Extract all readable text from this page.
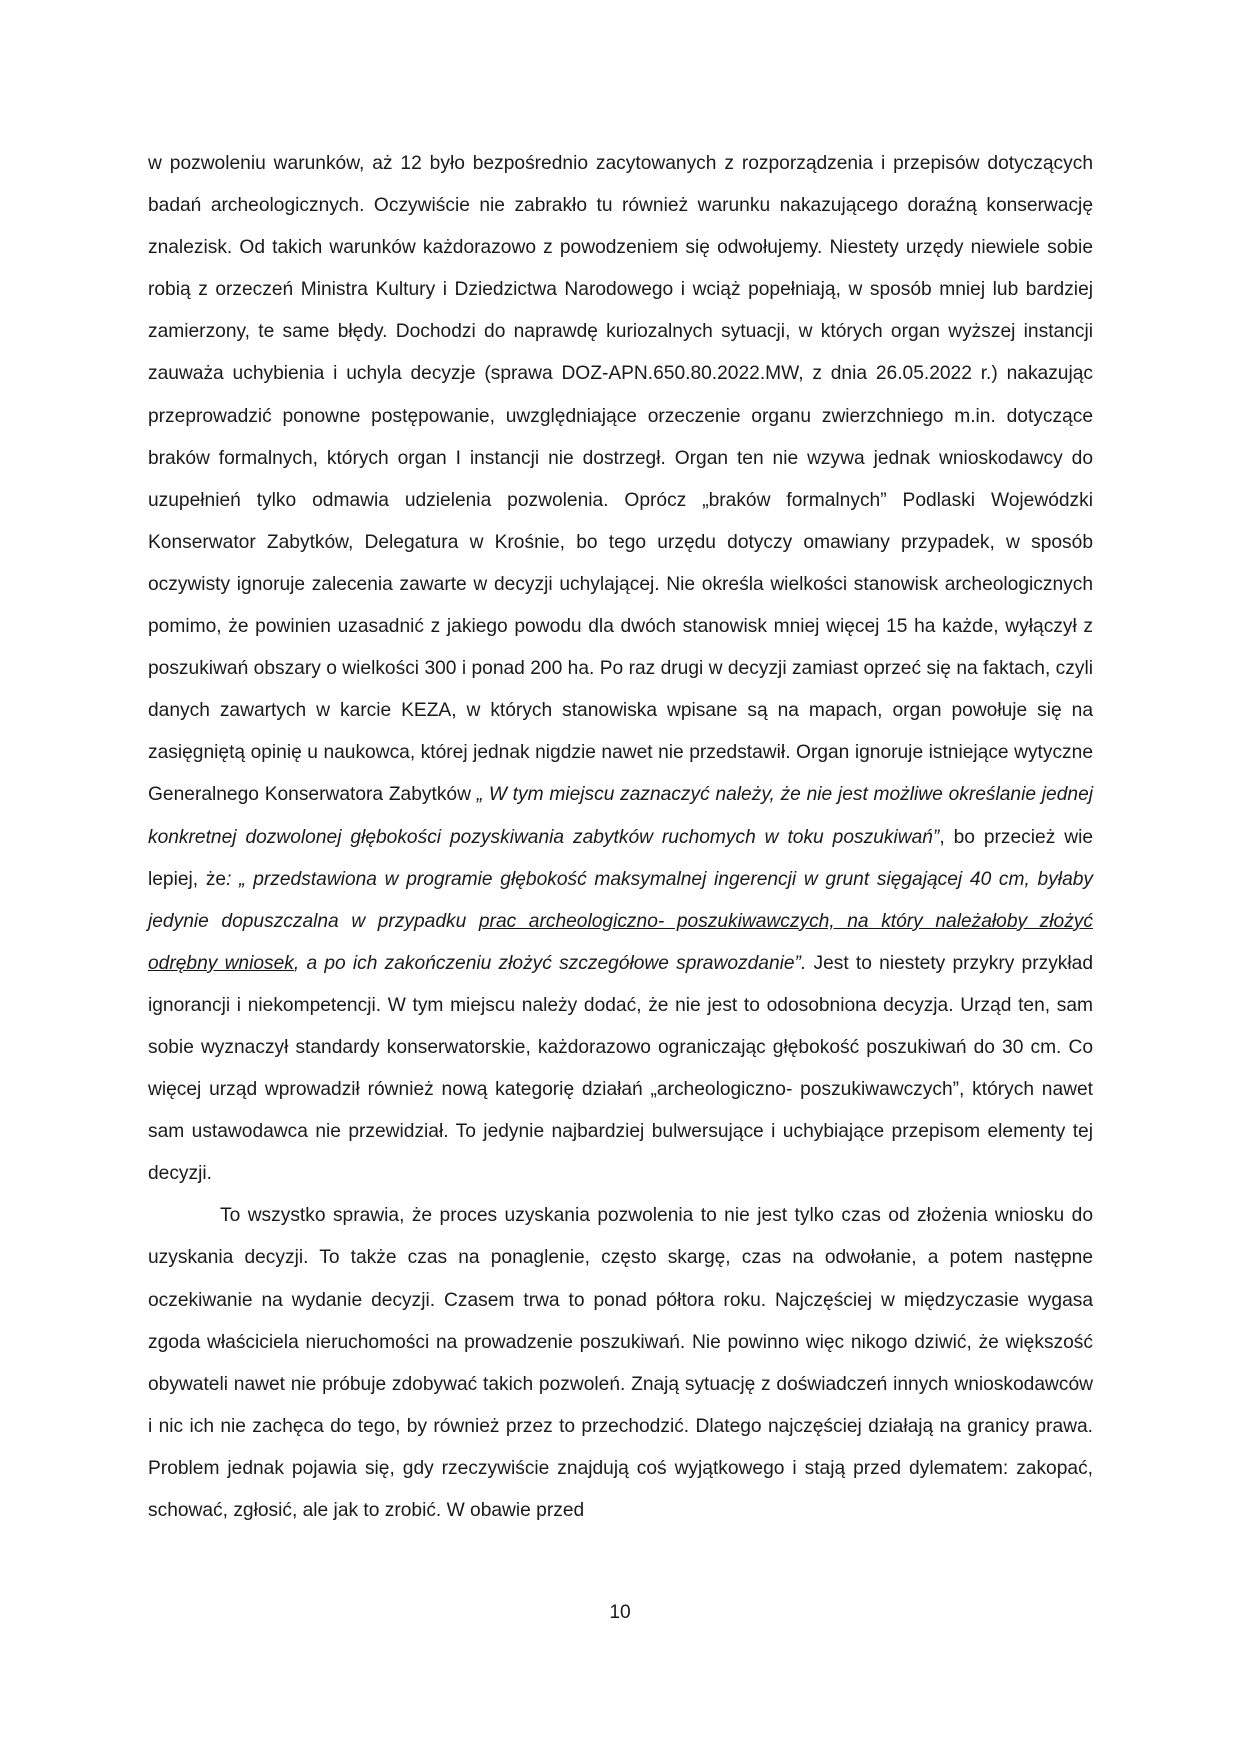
w pozwoleniu warunków, aż 12 było bezpośrednio zacytowanych z rozporządzenia i przepisów dotyczących badań archeologicznych. Oczywiście nie zabrakło tu również warunku nakazującego doraźną konserwację znalezisk. Od takich warunków każdorazowo z powodzeniem się odwołujemy. Niestety urzędy niewiele sobie robią z orzeczeń Ministra Kultury i Dziedzictwa Narodowego i wciąż popełniają, w sposób mniej lub bardziej zamierzony, te same błędy. Dochodzi do naprawdę kuriozalnych sytuacji, w których organ wyższej instancji zauważa uchybienia i uchyla decyzje (sprawa DOZ-APN.650.80.2022.MW, z dnia 26.05.2022 r.) nakazując przeprowadzić ponowne postępowanie, uwzględniające orzeczenie organu zwierzchniego m.in. dotyczące braków formalnych, których organ I instancji nie dostrzegł. Organ ten nie wzywa jednak wnioskodawcy do uzupełnień tylko odmawia udzielenia pozwolenia. Oprócz „braków formalnych” Podlaski Wojewódzki Konserwator Zabytków, Delegatura w Krośnie, bo tego urzędu dotyczy omawiany przypadek, w sposób oczywisty ignoruje zalecenia zawarte w decyzji uchylającej. Nie określa wielkości stanowisk archeologicznych pomimo, że powinien uzasadnić z jakiego powodu dla dwóch stanowisk mniej więcej 15 ha każde, wyłączył z poszukiwań obszary o wielkości 300 i ponad 200 ha. Po raz drugi w decyzji zamiast oprzeć się na faktach, czyli danych zawartych w karcie KEZA, w których stanowiska wpisane są na mapach, organ powołuje się na zasięgniętą opinię u naukowca, której jednak nigdzie nawet nie przedstawił. Organ ignoruje istniejące wytyczne Generalnego Konserwatora Zabytków „ W tym miejscu zaznaczyć należy, że nie jest możliwe określanie jednej konkretnej dozwolonej głębokości pozyskiwania zabytków ruchomych w toku poszukiwań”, bo przecież wie lepiej, że: „ przedstawiona w programie głębokość maksymalnej ingerencji w grunt sięgającej 40 cm, byłaby jedynie dopuszczalna w przypadku prac archeologiczno- poszukiwawczych, na który należałoby złożyć odrębny wniosek, a po ich zakończeniu złożyć szczegółowe sprawozdanie”. Jest to niestety przykry przykład ignorancji i niekompetencji. W tym miejscu należy dodać, że nie jest to odosobniona decyzja. Urząd ten, sam sobie wyznaczył standardy konserwatorskie, każdorazowo ograniczając głębokość poszukiwań do 30 cm. Co więcej urząd wprowadził również nową kategorię działań „archeologiczno- poszukiwawczych”, których nawet sam ustawodawca nie przewidział. To jedynie najbardziej bulwersujące i uchybiające przepisom elementy tej decyzji.

To wszystko sprawia, że proces uzyskania pozwolenia to nie jest tylko czas od złożenia wniosku do uzyskania decyzji. To także czas na ponaglenie, często skargę, czas na odwołanie, a potem następne oczekiwanie na wydanie decyzji. Czasem trwa to ponad półtora roku. Najczęściej w międzyczasie wygasa zgoda właściciela nieruchomości na prowadzenie poszukiwań. Nie powinno więc nikogo dziwić, że większość obywateli nawet nie próbuje zdobywać takich pozwoleń. Znają sytuację z doświadczeń innych wnioskodawców i nic ich nie zachęca do tego, by również przez to przechodzić. Dlatego najczęściej działają na granicy prawa. Problem jednak pojawia się, gdy rzeczywiście znajdują coś wyjątkowego i stają przed dylematem: zakopać, schować, zgłosić, ale jak to zrobić. W obawie przed

10
